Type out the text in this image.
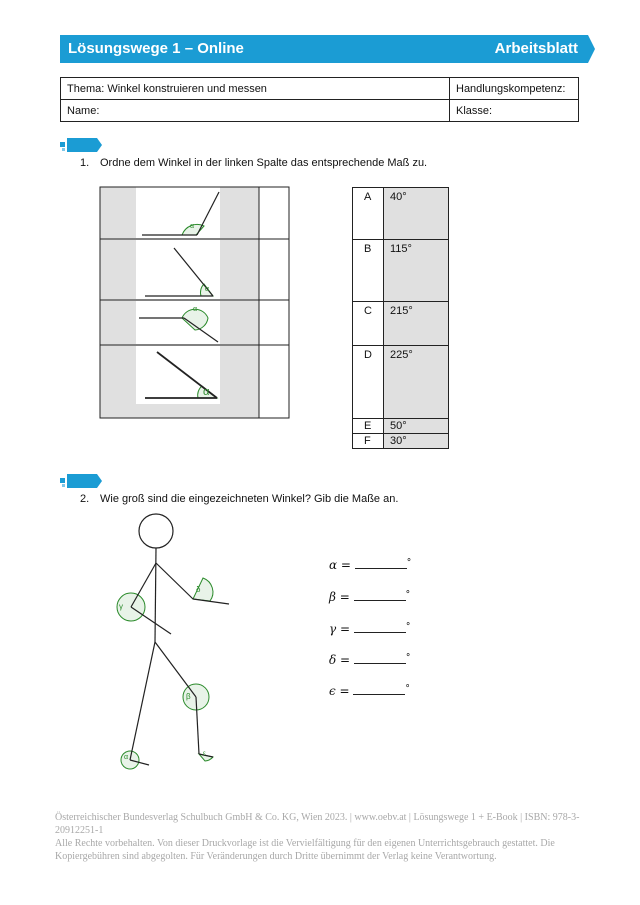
Lösungswege 1 – Online	Arbeitsblatt
Thema: Winkel konstruieren und messen	Handlungskompetenz:
Name:	Klasse:
1. Ordne dem Winkel in der linken Spalte das entsprechende Maß zu.
α
α
α
α
A	40°
B	115°
C	215°
D	225°
E	50°
F	30°
2. Wie groß sind die eingezeichneten Winkel? Gib die Maße an.
γ
δ
β
α	ε
α =	°
β =	°
γ =	°
δ =	°
ϵ =	°
Österreichischer Bundesverlag Schulbuch GmbH & Co. KG, Wien 2023. | www.oebv.at | Lösungswege 1 + E-Book | ISBN: 978-3-20912251-1
Alle Rechte vorbehalten. Von dieser Druckvorlage ist die Vervielfältigung für den eigenen Unterrichtsgebrauch gestattet. Die Kopiergebühren sind abgegolten. Für Veränderungen durch Dritte übernimmt der Verlag keine Verantwortung.
